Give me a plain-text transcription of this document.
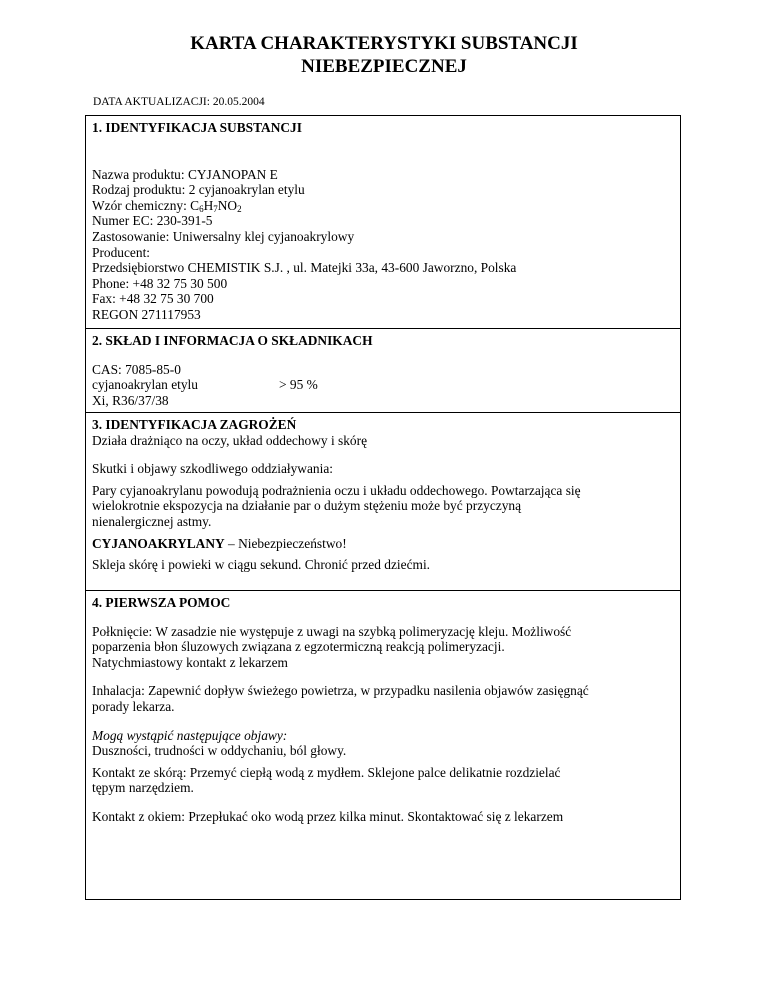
KARTA CHARAKTERYSTYKI SUBSTANCJI
NIEBEZPIECZNEJ
DATA AKTUALIZACJI: 20.05.2004
1. IDENTYFIKACJA SUBSTANCJI
Nazwa produktu: CYJANOPAN E
Rodzaj produktu: 2 cyjanoakrylan etylu
Wzór chemiczny: $C_6H_7NO_2$
Numer EC: 230-391-5
Zastosowanie: Uniwersalny klej cyjanoakrylowy
Producent:
Przedsiębiorstwo CHEMISTIK S.J. , ul. Matejki 33a, 43-600 Jaworzno, Polska
Phone: +48 32 75 30 500
Fax: +48 32 75 30 700
REGON 271117953
2. SKŁAD I INFORMACJA O SKŁADNIKACH
CAS: 7085-85-0
cyjanoakrylan etylu	> 95 %
Xi, R36/37/38
3. IDENTYFIKACJA ZAGROŻEŃ
Działa drażniąco na oczy, układ oddechowy i skórę
Skutki i objawy szkodliwego oddziaływania:
Pary cyjanoakrylanu powodują podrażnienia oczu i układu oddechowego. Powtarzająca się
wielokrotnie ekspozycja na działanie par o dużym stężeniu może być przyczyną
nienalergicznej astmy.
CYJANOAKRYLANY – Niebezpieczeństwo!
Skleja skórę i powieki w ciągu sekund. Chronić przed dziećmi.
4. PIERWSZA POMOC
Połknięcie: W zasadzie nie występuje z uwagi na szybką polimeryzację kleju. Możliwość
poparzenia błon śluzowych związana z egzotermiczną reakcją polimeryzacji.
Natychmiastowy kontakt z lekarzem
Inhalacja: Zapewnić dopływ świeżego powietrza, w przypadku nasilenia objawów zasięgnąć
porady lekarza.
Mogą wystąpić następujące objawy:
Duszności, trudności w oddychaniu, ból głowy.
Kontakt ze skórą: Przemyć ciepłą wodą z mydłem. Sklejone palce delikatnie rozdzielać
tępym narzędziem.
Kontakt z okiem: Przepłukać oko wodą przez kilka minut. Skontaktować się z lekarzem
